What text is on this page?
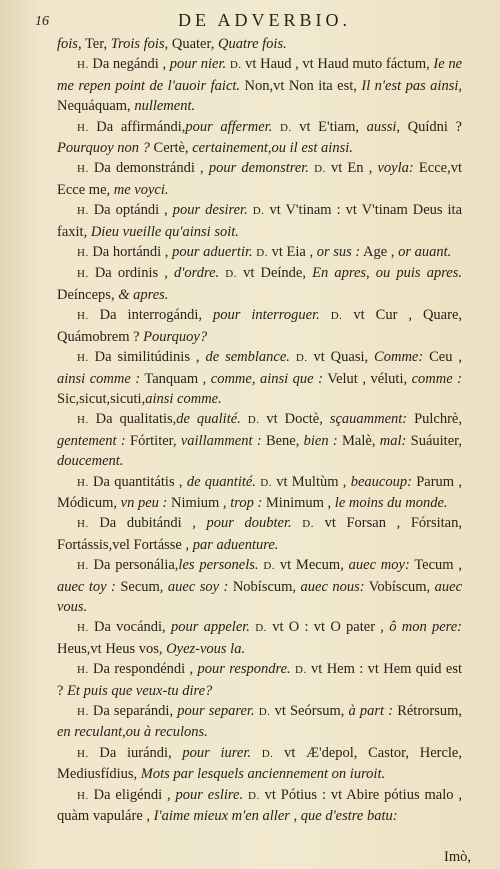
16	DE ADVERBIO.

fois, Ter, Trois fois, Quater, Quatre fois.

H. Da negándi , pour nier. D. vt Haud , vt Haud muto fáctum, Ie ne me repen point de l'auoir faict. Non,vt Non ita est, Il n'est pas ainsi, Nequáquam, nullement.

H. Da affirmándi,pour affermer. D. vt E'tiam, aussi, Quídni ? Pourquoy non ? Certè, certainement,ou il est ainsi.

H. Da demonstrándi , pour demonstrer. D. vt En , voyla: Ecce,vt Ecce me, me voyci.

H. Da optándi , pour desirer. D. vt V'tinam : vt V'tinam Deus ita faxit, Dieu vueille qu'ainsi soit.

H. Da hortándi , pour aduertir. D. vt Eia , or sus : Age , or auant.

H. Da ordinis , d'ordre. D. vt Deínde, En apres, ou puis apres. Deínceps, & apres.

H. Da interrogándi, pour interroguer. D. vt Cur , Quare, Quámobrem ? Pourquoy?

H. Da similitúdinis , de semblance. D. vt Quasi, Comme: Ceu , ainsi comme : Tanquam , comme, ainsi que : Velut , véluti, comme : Sic,sicut,sicuti,ainsi comme.

H. Da qualitatis,de qualité. D. vt Doctè, sçauamment: Pulchrè, gentement : Fórtiter, vaillamment : Bene, bien : Malè, mal: Suáuiter, doucement.

H. Da quantitátis , de quantité. D. vt Multùm , beaucoup: Parum , Módicum, vn peu : Nimium , trop : Minimum , le moins du monde.

H. Da dubitándi , pour doubter. D. vt Forsan , Fórsitan, Fortássis,vel Fortásse , par aduenture.

H. Da personália,les personels. D. vt Mecum, auec moy: Tecum , auec toy : Secum, auec soy : Nobíscum, auec nous: Vobíscum, auec vous.

H. Da vocándi, pour appeler. D. vt O : vt O pater , ô mon pere: Heus,vt Heus vos, Oyez-vous la.

H. Da respondéndi , pour respondre. D. vt Hem : vt Hem quid est ? Et puis que veux-tu dire?

H. Da separándi, pour separer. D. vt Seórsum, à part : Rétrorsum, en reculant,ou à reculons.

H. Da iurándi, pour iurer. D. vt Æ'depol, Castor, Hercle, Mediusfídius, Mots par lesquels anciennement on iuroit.

H. Da eligéndi , pour eslire. D. vt Pótius : vt Abire pótius malo , quàm vapuláre , I'aime mieux m'en aller , que d'estre batu:

Imò,
